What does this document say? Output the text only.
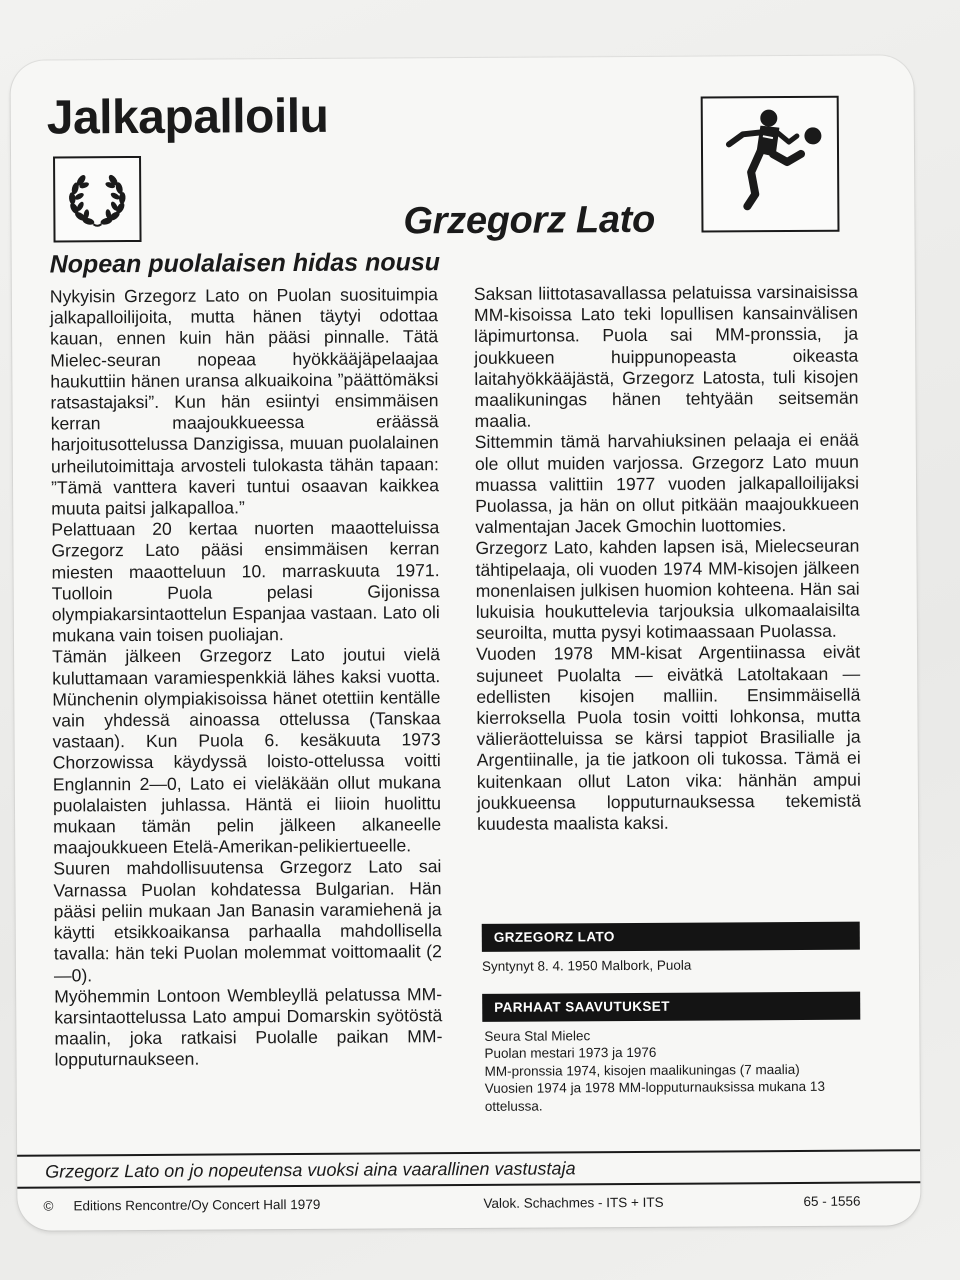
Jalkapalloilu
Grzegorz Lato
Nopean puolalaisen hidas nousu

Nykyisin Grzegorz Lato on Puolan suosituimpia jalkapalloilijoita, mutta hänen täytyi odottaa kauan, ennen kuin hän pääsi pinnalle. Tätä Mielec-seuran nopeaa hyökkääjäpelaajaa haukuttiin hänen uransa alkuaikoina ”päättömäksi ratsastajaksi”. Kun hän esiintyi ensimmäisen kerran maajoukkueessa eräässä harjoitusottelussa Danzigissa, muuan puolalainen urheilutoimittaja arvosteli tulokasta tähän tapaan: ”Tämä vanttera kaveri tuntui osaavan kaikkea muuta paitsi jalkapalloa.”

Pelattuaan 20 kertaa nuorten maaotteluissa Grzegorz Lato pääsi ensimmäisen kerran miesten maaotteluun 10. marraskuuta 1971. Tuolloin Puola pelasi Gijonissa olympiakarsintaottelun Espanjaa vastaan. Lato oli mukana vain toisen puoliajan.

Tämän jälkeen Grzegorz Lato joutui vielä kuluttamaan varamiespenkkiä lähes kaksi vuotta. Münchenin olympiakisoissa hänet otettiin kentälle vain yhdessä ainoassa ottelussa (Tanskaa vastaan). Kun Puola 6. kesäkuuta 1973 Chorzowissa käydyssä loisto-ottelussa voitti Englannin 2—0, Lato ei vieläkään ollut mukana puolalaisten juhlassa. Häntä ei liioin huolittu mukaan tämän pelin jälkeen alkaneelle maajoukkueen Etelä-Amerikan-pelikiertueelle.

Suuren mahdollisuutensa Grzegorz Lato sai Varnassa Puolan kohdatessa Bulgarian. Hän pääsi peliin mukaan Jan Banasin varamiehenä ja käytti etsikkoaikansa parhaalla mahdollisella tavalla: hän teki Puolan molemmat voittomaalit (2—0).

Myöhemmin Lontoon Wembleyllä pelatussa MM-karsintaottelussa Lato ampui Domarskin syötöstä maalin, joka ratkaisi Puolalle paikan MM-lopputurnaukseen.

Saksan liittotasavallassa pelatuissa varsinaisissa MM-kisoissa Lato teki lopullisen kansainvälisen läpimurtonsa. Puola sai MM-pronssia, ja joukkueen huippunopeasta oikeasta laitahyökkääjästä, Grzegorz Latosta, tuli kisojen maalikuningas hänen tehtyään seitsemän maalia.

Sittemmin tämä harvahiuksinen pelaaja ei enää ole ollut muiden varjossa. Grzegorz Lato muun muassa valittiin 1977 vuoden jalkapalloilijaksi Puolassa, ja hän on ollut pitkään maajoukkueen valmentajan Jacek Gmochin luottomies.

Grzegorz Lato, kahden lapsen isä, Mielecseuran tähtipelaaja, oli vuoden 1974 MM-kisojen jälkeen monenlaisen julkisen huomion kohteena. Hän sai lukuisia houkuttelevia tarjouksia ulkomaalaisilta seuroilta, mutta pysyi kotimaassaan Puolassa.

Vuoden 1978 MM-kisat Argentiinassa eivät sujuneet Puolalta — eivätkä Latoltakaan — edellisten kisojen malliin. Ensimmäisellä kierroksella Puola tosin voitti lohkonsa, mutta välieräotteluissa se kärsi tappiot Brasilialle ja Argentiinalle, ja tie jatkoon oli tukossa. Tämä ei kuitenkaan ollut Laton vika: hänhän ampui joukkueensa lopputurnauksessa tekemistä kuudesta maalista kaksi.

GRZEGORZ LATO
Syntynyt 8. 4. 1950 Malbork, Puola
PARHAAT SAAVUTUKSET
Seura Stal Mielec
Puolan mestari 1973 ja 1976
MM-pronssia 1974, kisojen maalikuningas (7 maalia)
Vuosien 1974 ja 1978 MM-lopputurnauksissa mukana 13
ottelussa.

Grzegorz Lato on jo nopeutensa vuoksi aina vaarallinen vastustaja

© Editions Rencontre/Oy Concert Hall 1979	Valok. Schachmes - ITS + ITS	65 - 1556
